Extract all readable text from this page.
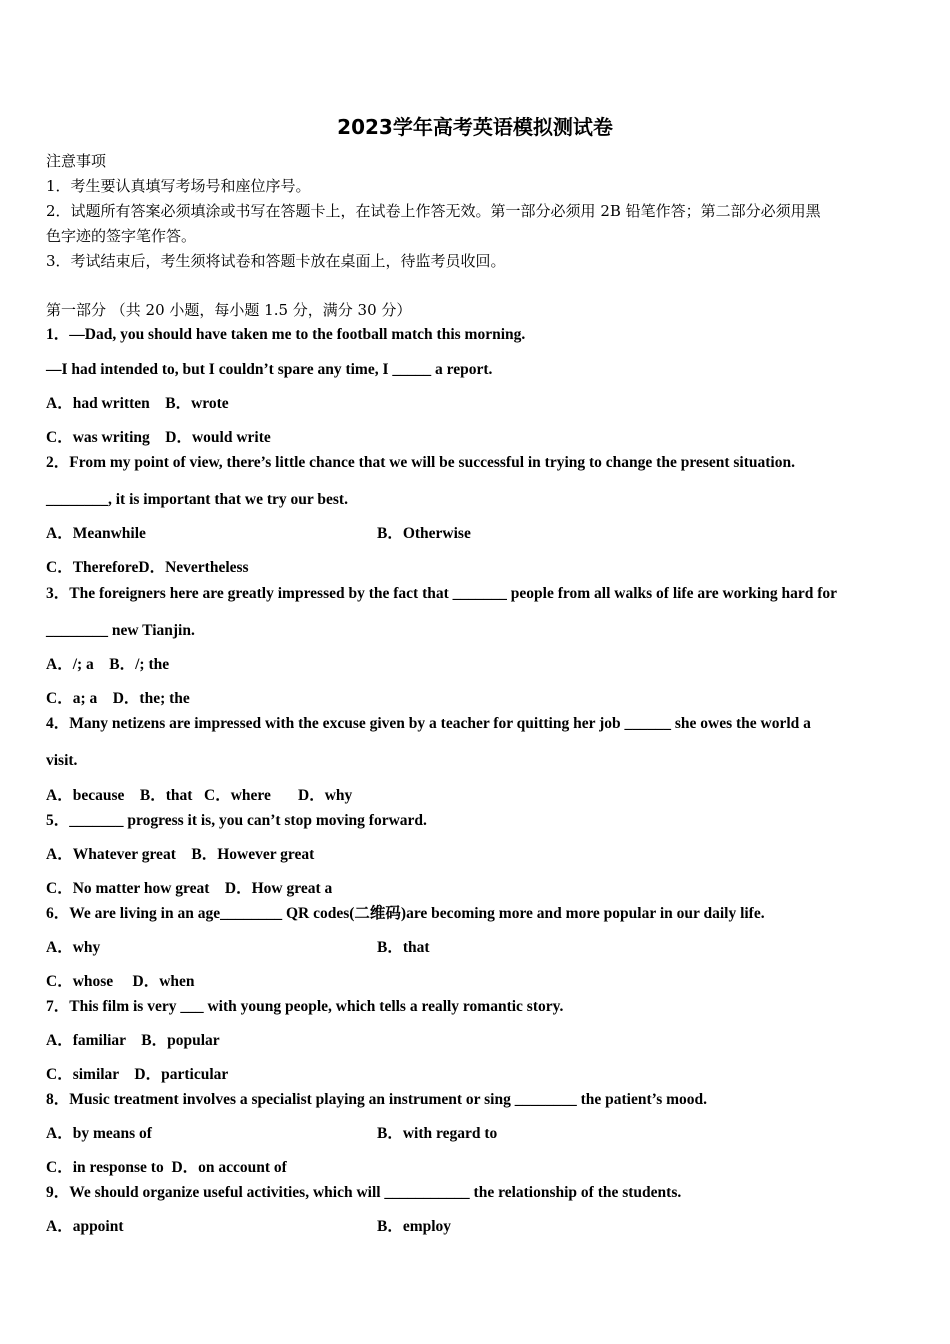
2023学年高考英语模拟测试卷
注意事项
1．考生要认真填写考场号和座位序号。
2．试题所有答案必须填涂或书写在答题卡上，在试卷上作答无效。第一部分必须用 2B 铅笔作答；第二部分必须用黑
色字迹的签字笔作答。
3．考试结束后，考生须将试卷和答题卡放在桌面上，待监考员收回。
第一部分 （共 20 小题，每小题 1.5 分，满分 30 分）
1．—Dad, you should have taken me to the football match this morning.
—I had intended to, but I couldn’t spare any time, I _____ a report.
A．had written    B．wrote
C．was writing    D．would write
2．From my point of view, there’s little chance that we will be successful in trying to change the present situation.
________, it is important that we try our best.
A．Meanwhile	B．Otherwise
C．ThereforeD．Nevertheless
3．The foreigners here are greatly impressed by the fact that _______ people from all walks of life are working hard for
________ new Tianjin.
A．/; a    B．/; the
C．a; a    D．the; the
4．Many netizens are impressed with the excuse given by a teacher for quitting her job ______ she owes the world a
visit.
A．because    B．that   C．where       D．why
5．_______ progress it is, you can’t stop moving forward.
A．Whatever great    B．However great
C．No matter how great    D．How great a
6．We are living in an age________ QR codes(二维码)are becoming more and more popular in our daily life.
A．why	B．that
C．whose     D．when
7．This film is very ___ with young people, which tells a really romantic story.
A．familiar    B．popular
C．similar    D．particular
8．Music treatment involves a specialist playing an instrument or sing ________ the patient’s mood.
A．by means of	B．with regard to
C．in response to  D．on account of
9．We should organize useful activities, which will ___________ the relationship of the students.
A．appoint	B．employ
